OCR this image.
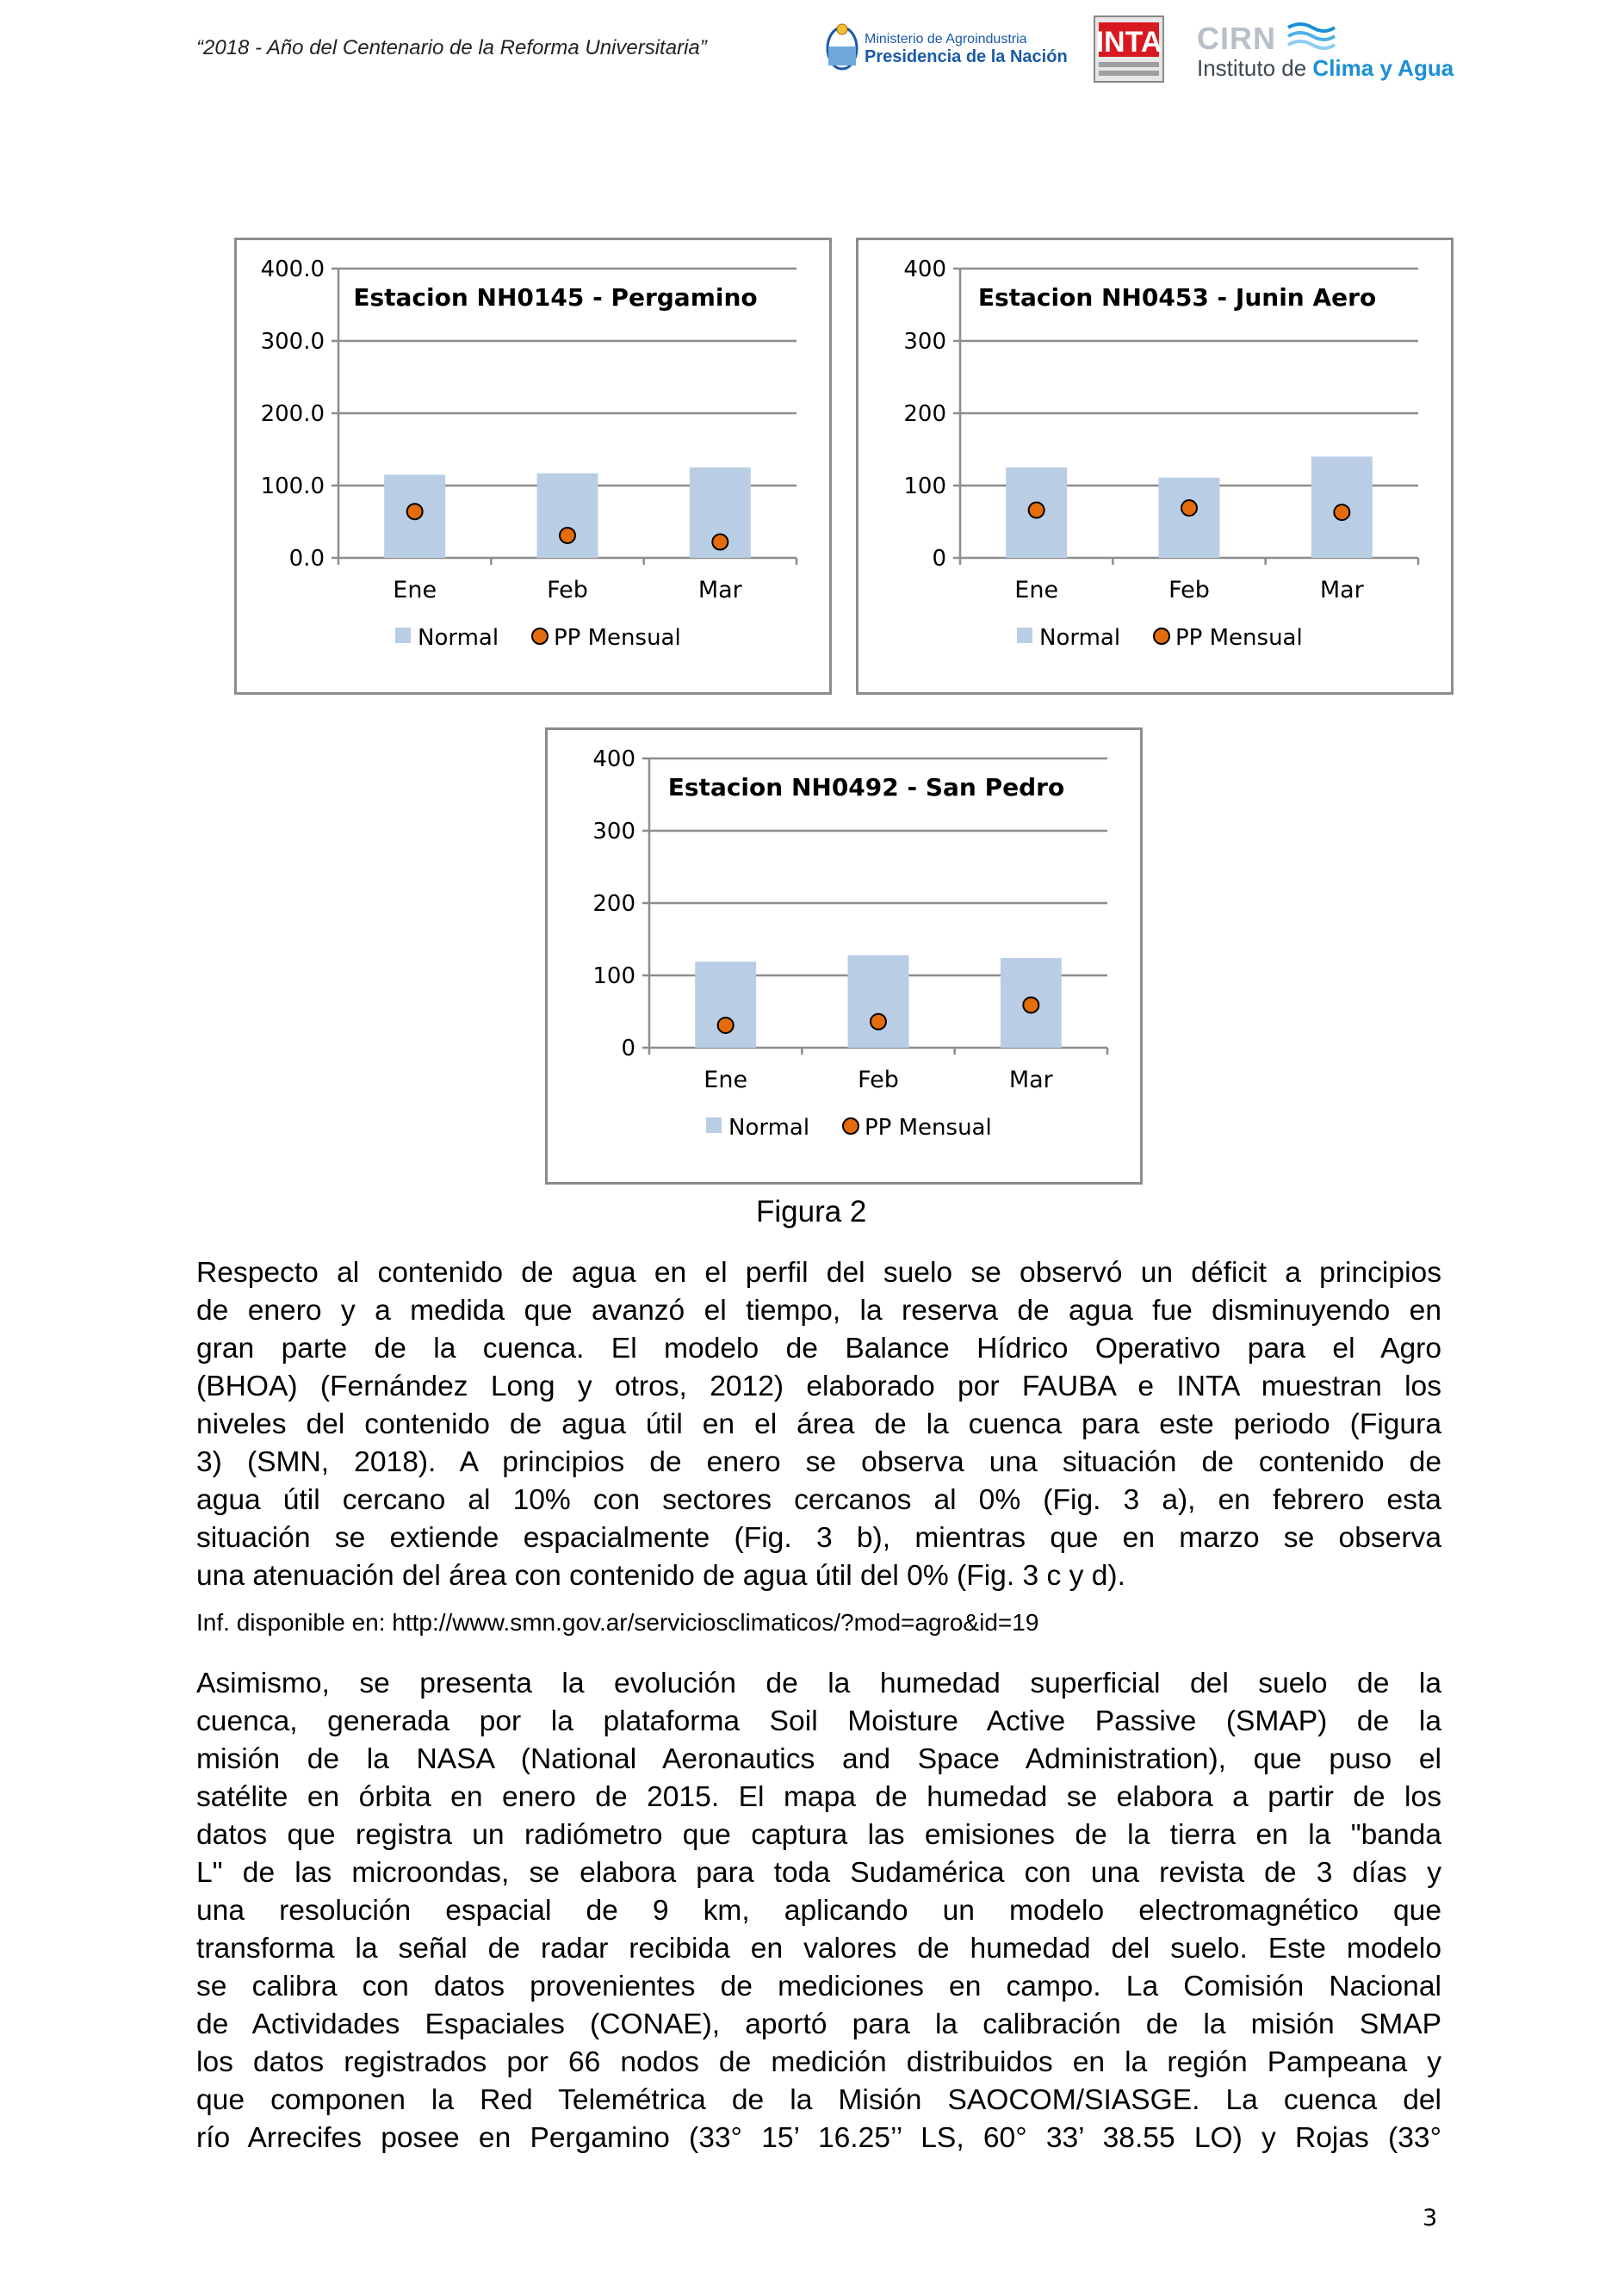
“2018 - Año del Centenario de la Reforma Universitaria”	Ministerio de Agroindustria
Presidencia de la Nación INTA CIRN
Instituto de Clima y Agua
0.0
100.0
200.0
300.0
400.0
Ene	Feb	Mar
Estacion NH0145 - Pergamino
Normal PP Mensual
0
100
200
300
400
Ene	Feb	Mar
Estacion NH0453 - Junin Aero
Normal PP Mensual
0
100
200
300
400
Ene	Feb	Mar
Estacion NH0492 - San Pedro
Normal PP Mensual
Figura 2
Respecto al contenido de agua en el perfil del suelo se observó un déficit a principios
de enero y a medida que avanzó el tiempo, la reserva de agua fue disminuyendo en
gran parte de la cuenca. El modelo de Balance Hídrico Operativo para el Agro
(BHOA) (Fernández Long y otros, 2012) elaborado por FAUBA e INTA muestran los
niveles del contenido de agua útil en el área de la cuenca para este periodo (Figura
3) (SMN, 2018). A principios de enero se observa una situación de contenido de
agua útil cercano al 10% con sectores cercanos al 0% (Fig. 3 a), en febrero esta
situación se extiende espacialmente (Fig. 3 b), mientras que en marzo se observa
una atenuación del área con contenido de agua útil del 0% (Fig. 3 c y d).
Inf. disponible en: http://www.smn.gov.ar/serviciosclimaticos/?mod=agro&id=19
Asimismo, se presenta la evolución de la humedad superficial del suelo de la
cuenca, generada por la plataforma Soil Moisture Active Passive (SMAP) de la
misión de la NASA (National Aeronautics and Space Administration), que puso el
satélite en órbita en enero de 2015. El mapa de humedad se elabora a partir de los
datos que registra un radiómetro que captura las emisiones de la tierra en la "banda
L" de las microondas, se elabora para toda Sudamérica con una revista de 3 días y
una resolución espacial de 9 km, aplicando un modelo electromagnético que
transforma la señal de radar recibida en valores de humedad del suelo. Este modelo
se calibra con datos provenientes de mediciones en campo. La Comisión Nacional
de Actividades Espaciales (CONAE), aportó para la calibración de la misión SMAP
los datos registrados por 66 nodos de medición distribuidos en la región Pampeana y
que componen la Red Telemétrica de la Misión SAOCOM/SIASGE. La cuenca del
río Arrecifes posee en Pergamino (33° 15’ 16.25’’ LS, 60° 33’ 38.55 LO) y Rojas (33°
3
